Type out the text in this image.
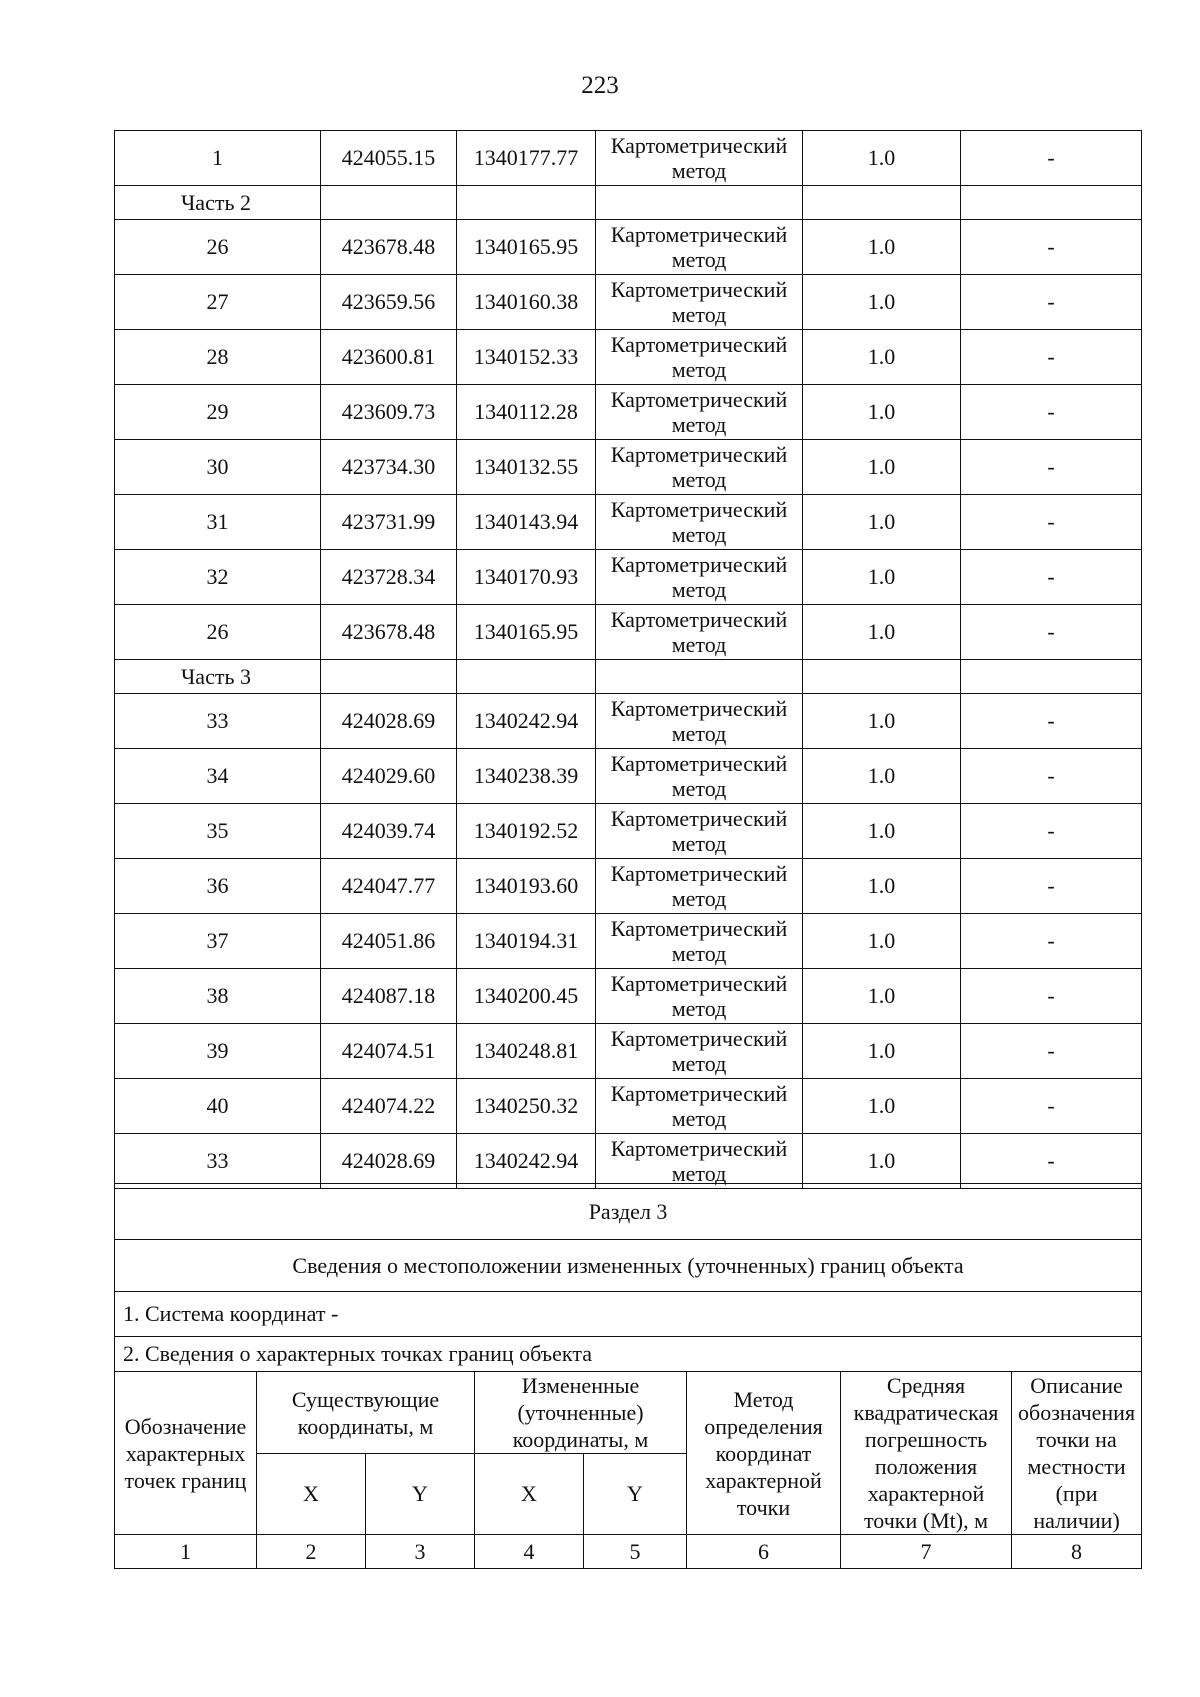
223
1	424055.15	1340177.77	Картометрический метод	1.0	-
Часть 2					
26	423678.48	1340165.95	Картометрический метод	1.0	-
27	423659.56	1340160.38	Картометрический метод	1.0	-
28	423600.81	1340152.33	Картометрический метод	1.0	-
29	423609.73	1340112.28	Картометрический метод	1.0	-
30	423734.30	1340132.55	Картометрический метод	1.0	-
31	423731.99	1340143.94	Картометрический метод	1.0	-
32	423728.34	1340170.93	Картометрический метод	1.0	-
26	423678.48	1340165.95	Картометрический метод	1.0	-
Часть 3					
33	424028.69	1340242.94	Картометрический метод	1.0	-
34	424029.60	1340238.39	Картометрический метод	1.0	-
35	424039.74	1340192.52	Картометрический метод	1.0	-
36	424047.77	1340193.60	Картометрический метод	1.0	-
37	424051.86	1340194.31	Картометрический метод	1.0	-
38	424087.18	1340200.45	Картометрический метод	1.0	-
39	424074.51	1340248.81	Картометрический метод	1.0	-
40	424074.22	1340250.32	Картометрический метод	1.0	-
33	424028.69	1340242.94	Картометрический метод	1.0	-
Раздел 3							
Сведения о местоположении измененных (уточненных) границ объекта							
1. Система координат -							
2. Сведения о характерных точках границ объекта							
Обозначение характерных точек границ	Существующие координаты, м		Измененные (уточненные) координаты, м		Метод определения координат характерной точки	Средняя квадратическая погрешность положения характерной точки (Mt), м	Описание обозначения точки на местности (при наличии)
	X	Y	X	Y			
1	2	3	4	5	6	7	8
